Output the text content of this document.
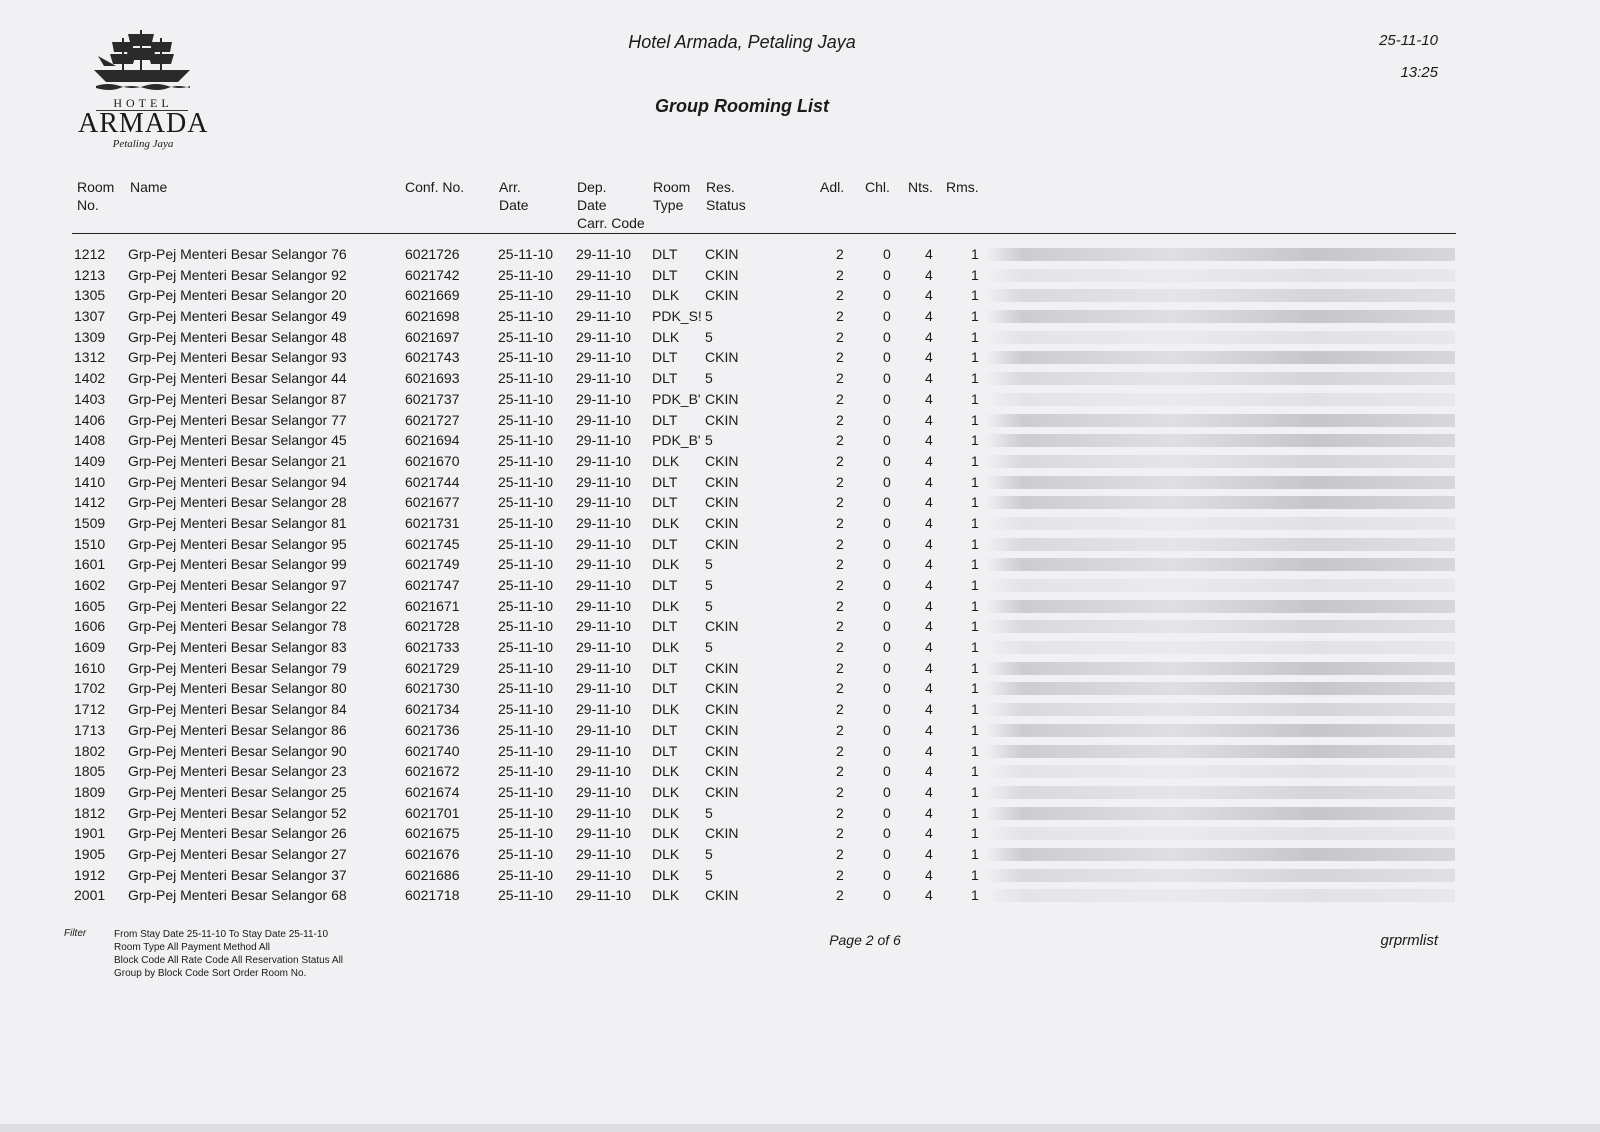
HOTEL
ARMADA
Petaling Jaya
Hotel Armada, Petaling Jaya
Group Rooming List
25-11-10
13:25
Room
No.
Name	Conf. No. Arr.
Date
Dep.
Date
Carr. Code
Room
Type
Res.
Status
Adl. Chl. Nts. Rms.
1212 Grp-Pej Menteri Besar Selangor 76	6021726	25-11-10 29-11-10 DLT	CKIN	2	0 4	1
1213 Grp-Pej Menteri Besar Selangor 92	6021742	25-11-10 29-11-10 DLT	CKIN	2	0 4	1
1305 Grp-Pej Menteri Besar Selangor 20	6021669	25-11-10 29-11-10 DLK	CKIN	2	0 4	1
1307 Grp-Pej Menteri Besar Selangor 49	6021698	25-11-10 29-11-10 PDK_S! 5	2	0 4	1
1309 Grp-Pej Menteri Besar Selangor 48	6021697	25-11-10 29-11-10 DLK	5	2	0 4	1
1312 Grp-Pej Menteri Besar Selangor 93	6021743	25-11-10 29-11-10 DLT	CKIN	2	0 4	1
1402 Grp-Pej Menteri Besar Selangor 44	6021693	25-11-10 29-11-10 DLT	5	2	0 4	1
1403 Grp-Pej Menteri Besar Selangor 87	6021737	25-11-10 29-11-10 PDK_B' CKIN	2	0 4	1
1406 Grp-Pej Menteri Besar Selangor 77	6021727	25-11-10 29-11-10 DLT	CKIN	2	0 4	1
1408 Grp-Pej Menteri Besar Selangor 45	6021694	25-11-10 29-11-10 PDK_B' 5	2	0 4	1
1409 Grp-Pej Menteri Besar Selangor 21	6021670	25-11-10 29-11-10 DLK	CKIN	2	0 4	1
1410 Grp-Pej Menteri Besar Selangor 94	6021744	25-11-10 29-11-10 DLT	CKIN	2	0 4	1
1412 Grp-Pej Menteri Besar Selangor 28	6021677	25-11-10 29-11-10 DLT	CKIN	2	0 4	1
1509 Grp-Pej Menteri Besar Selangor 81	6021731	25-11-10 29-11-10 DLK	CKIN	2	0 4	1
1510 Grp-Pej Menteri Besar Selangor 95	6021745	25-11-10 29-11-10 DLT	CKIN	2	0 4	1
1601 Grp-Pej Menteri Besar Selangor 99	6021749	25-11-10 29-11-10 DLK	5	2	0 4	1
1602 Grp-Pej Menteri Besar Selangor 97	6021747	25-11-10 29-11-10 DLT	5	2	0 4	1
1605 Grp-Pej Menteri Besar Selangor 22	6021671	25-11-10 29-11-10 DLK	5	2	0 4	1
1606 Grp-Pej Menteri Besar Selangor 78	6021728	25-11-10 29-11-10 DLT	CKIN	2	0 4	1
1609 Grp-Pej Menteri Besar Selangor 83	6021733	25-11-10 29-11-10 DLK	5	2	0 4	1
1610 Grp-Pej Menteri Besar Selangor 79	6021729	25-11-10 29-11-10 DLT	CKIN	2	0 4	1
1702 Grp-Pej Menteri Besar Selangor 80	6021730	25-11-10 29-11-10 DLT	CKIN	2	0 4	1
1712 Grp-Pej Menteri Besar Selangor 84	6021734	25-11-10 29-11-10 DLK	CKIN	2	0 4	1
1713 Grp-Pej Menteri Besar Selangor 86	6021736	25-11-10 29-11-10 DLT	CKIN	2	0 4	1
1802 Grp-Pej Menteri Besar Selangor 90	6021740	25-11-10 29-11-10 DLT	CKIN	2	0 4	1
1805 Grp-Pej Menteri Besar Selangor 23	6021672	25-11-10 29-11-10 DLK	CKIN	2	0 4	1
1809 Grp-Pej Menteri Besar Selangor 25	6021674	25-11-10 29-11-10 DLK	CKIN	2	0 4	1
1812 Grp-Pej Menteri Besar Selangor 52	6021701	25-11-10 29-11-10 DLK	5	2	0 4	1
1901 Grp-Pej Menteri Besar Selangor 26	6021675	25-11-10 29-11-10 DLK	CKIN	2	0 4	1
1905 Grp-Pej Menteri Besar Selangor 27	6021676	25-11-10 29-11-10 DLK	5	2	0 4	1
1912 Grp-Pej Menteri Besar Selangor 37	6021686	25-11-10 29-11-10 DLK	5	2	0 4	1
2001 Grp-Pej Menteri Besar Selangor 68	6021718	25-11-10 29-11-10 DLK	CKIN	2	0 4	1
Filter	From Stay Date 25-11-10 To Stay Date 25-11-10
Room Type All Payment Method All
Block Code All Rate Code All Reservation Status All
Group by Block Code Sort Order Room No.
Page 2 of 6	grprmlist
